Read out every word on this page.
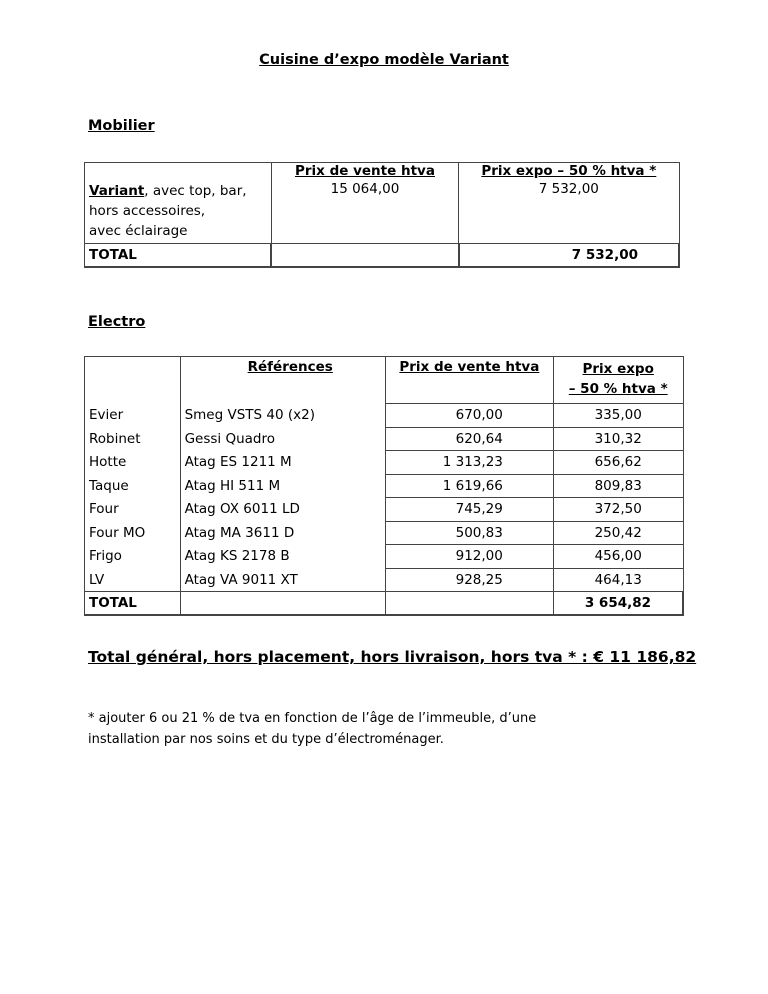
Cuisine d’expo modèle Variant
Mobilier
	Prix de vente htva	Prix expo – 50 % htva *
Variant, avec top, bar,
hors accessoires,
avec éclairage	15 064,00	7 532,00
TOTAL		7 532,00
Electro
	Références	Prix de vente htva	Prix expo
– 50 % htva *
Evier	Smeg VSTS 40 (x2)	670,00	335,00
Robinet	Gessi Quadro	620,64	310,32
Hotte	Atag ES 1211 M	1 313,23	656,62
Taque	Atag HI 511 M	1 619,66	809,83
Four	Atag OX 6011 LD	745,29	372,50
Four MO	Atag MA 3611 D	500,83	250,42
Frigo	Atag KS 2178 B	912,00	456,00
LV	Atag VA 9011 XT	928,25	464,13
TOTAL			3 654,82
Total général, hors placement, hors livraison, hors tva * : € 11 186,82
* ajouter 6 ou 21 % de tva en fonction de l’âge de l’immeuble, d’une
installation par nos soins et du type d’électroménager.
